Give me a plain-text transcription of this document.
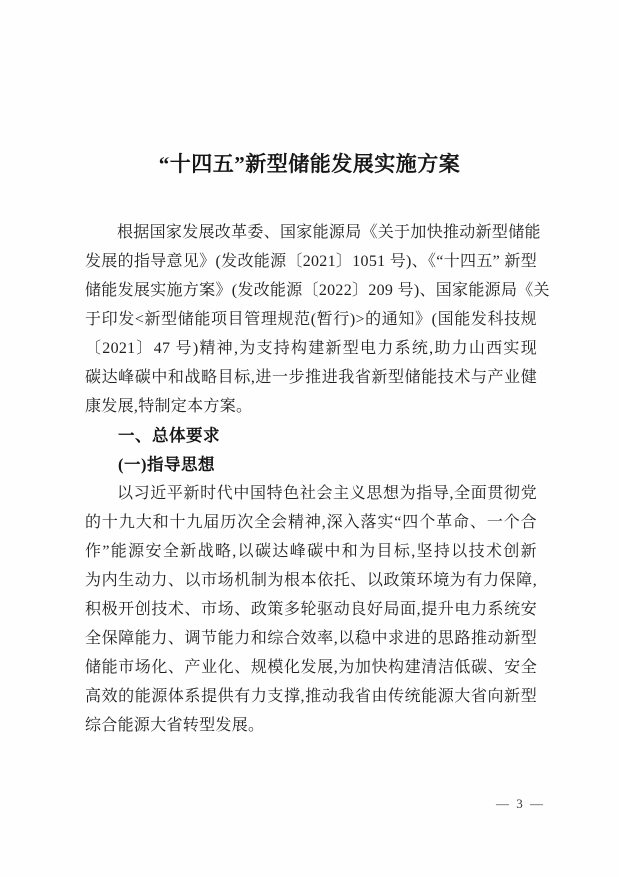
“十四五”新型储能发展实施方案
根据国家发展改革委、国家能源局《关于加快推动新型储能
发展的指导意见》(发改能源〔2021〕1051 号)、《“十四五” 新型
储能发展实施方案》(发改能源〔2022〕209 号)、国家能源局《关
于印发<新型储能项目管理规范(暂行)>的通知》(国能发科技规
〔2021〕47 号)精神,为支持构建新型电力系统,助力山西实现
碳达峰碳中和战略目标,进一步推进我省新型储能技术与产业健
康发展,特制定本方案。
一、总体要求
(一)指导思想
以习近平新时代中国特色社会主义思想为指导,全面贯彻党
的十九大和十九届历次全会精神,深入落实“四个革命、一个合
作”能源安全新战略,以碳达峰碳中和为目标,坚持以技术创新
为内生动力、以市场机制为根本依托、以政策环境为有力保障,
积极开创技术、市场、政策多轮驱动良好局面,提升电力系统安
全保障能力、调节能力和综合效率,以稳中求进的思路推动新型
储能市场化、产业化、规模化发展,为加快构建清洁低碳、安全
高效的能源体系提供有力支撑,推动我省由传统能源大省向新型
综合能源大省转型发展。
— 3 —
